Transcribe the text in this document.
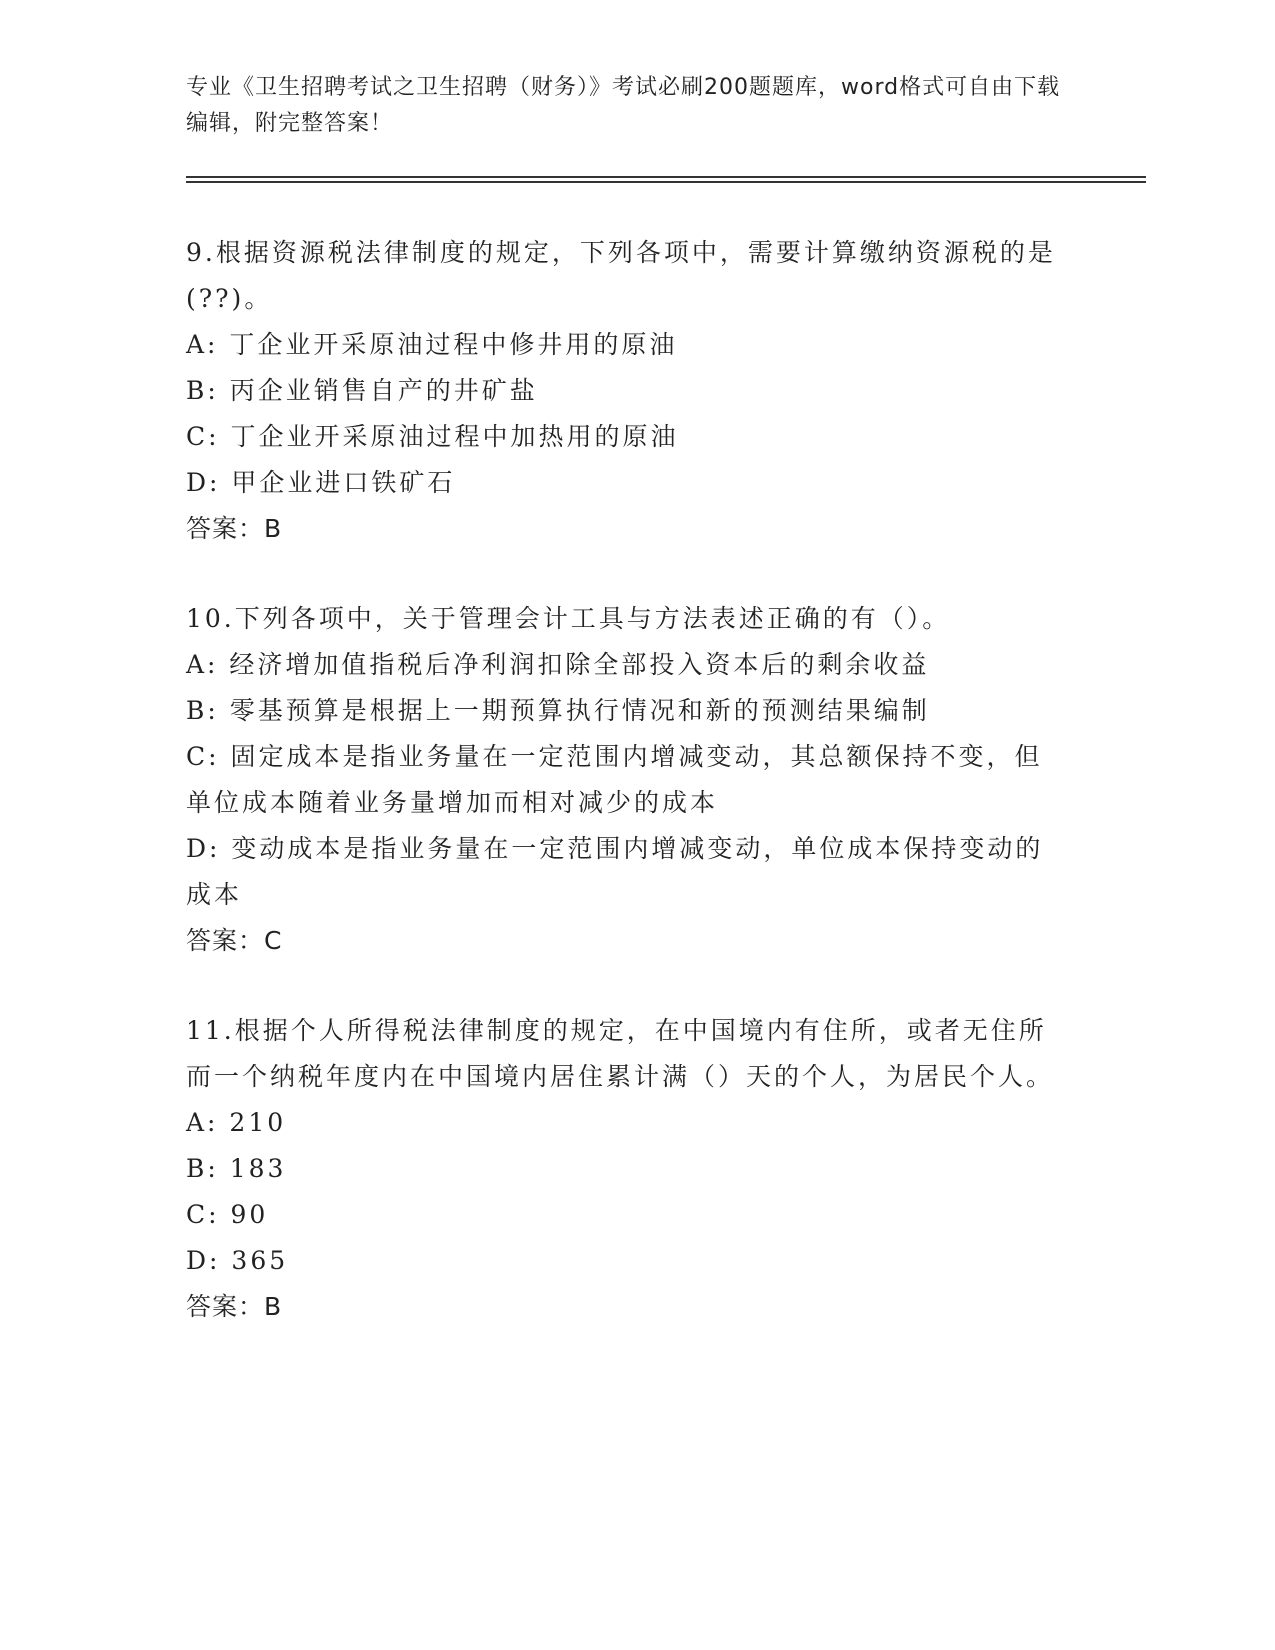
专业《卫生招聘考试之卫生招聘（财务）》考试必刷200题题库，word格式可自由下载编辑，附完整答案！

9.根据资源税法律制度的规定，下列各项中，需要计算缴纳资源税的是(??)。

A: 丁企业开采原油过程中修井用的原油

B: 丙企业销售自产的井矿盐

C: 丁企业开采原油过程中加热用的原油

D: 甲企业进口铁矿石

答案：B

10.下列各项中，关于管理会计工具与方法表述正确的有（）。

A: 经济增加值指税后净利润扣除全部投入资本后的剩余收益

B: 零基预算是根据上一期预算执行情况和新的预测结果编制

C: 固定成本是指业务量在一定范围内增减变动，其总额保持不变，但单位成本随着业务量增加而相对减少的成本

D: 变动成本是指业务量在一定范围内增减变动，单位成本保持变动的成本

答案：C

11.根据个人所得税法律制度的规定，在中国境内有住所，或者无住所而一个纳税年度内在中国境内居住累计满（）天的个人，为居民个人。

A: 210

B: 183

C: 90

D: 365

答案：B
